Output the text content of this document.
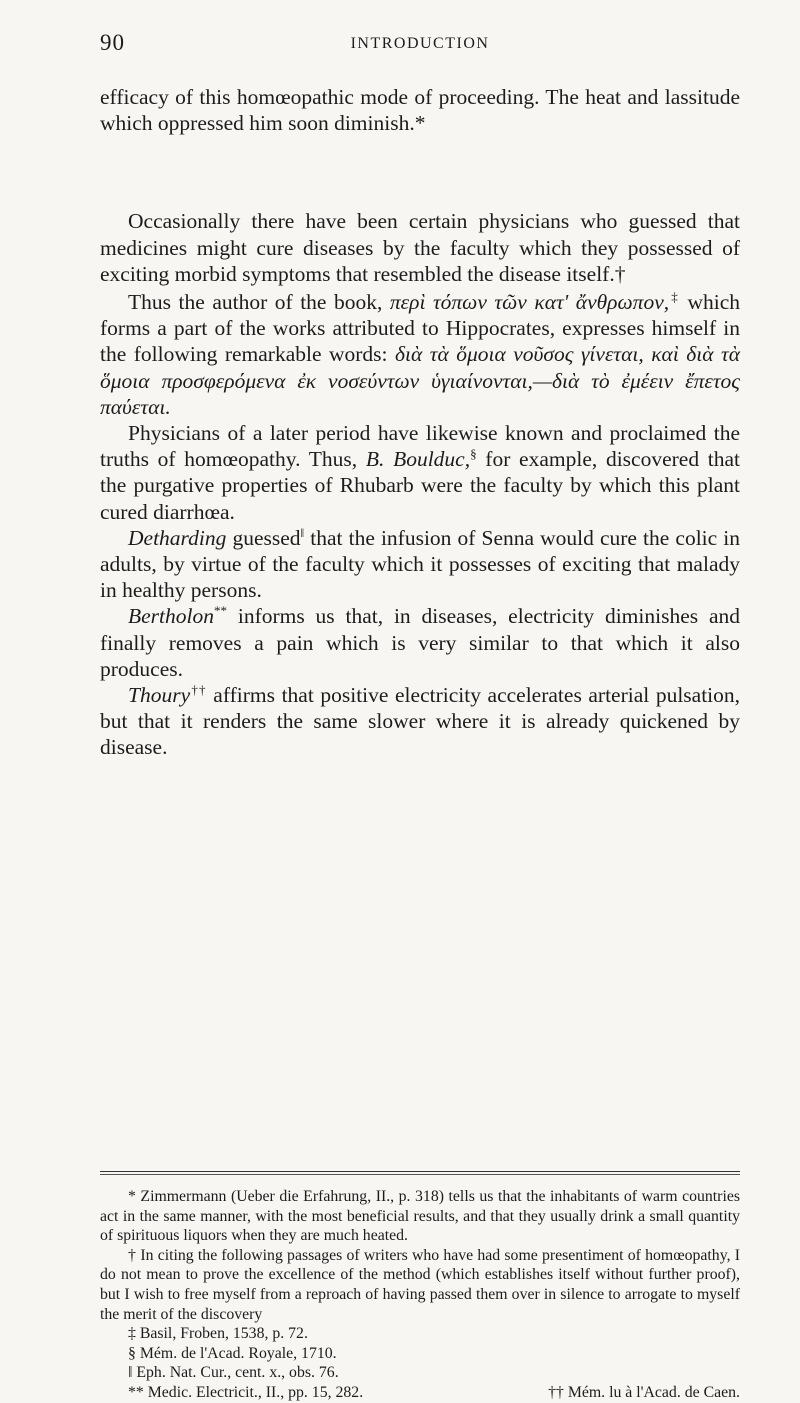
90	INTRODUCTION

efficacy of this homœopathic mode of proceeding. The heat and lassitude which oppressed him soon diminish.*

Occasionally there have been certain physicians who guessed that medicines might cure diseases by the faculty which they possessed of exciting morbid symptoms that resembled the disease itself.†

Thus the author of the book, περὶ τόπων τῶν κατ' ἄνθρωπον,‡ which forms a part of the works attributed to Hippocrates, expresses himself in the following remarkable words: διὰ τὰ ὅμοια νοῦσος γίνεται, καὶ διὰ τὰ ὅμοια προσφερόμενα ἐκ νοσεύντων ὑγιαίνονται,—διὰ τὸ ἐμέειν ἔπετος παύεται.

Physicians of a later period have likewise known and proclaimed the truths of homœopathy. Thus, B. Boulduc,§ for example, discovered that the purgative properties of Rhubarb were the faculty by which this plant cured diarrhœa.

Detharding guessed‖ that the infusion of Senna would cure the colic in adults, by virtue of the faculty which it possesses of exciting that malady in healthy persons.

Bertholon** informs us that, in diseases, electricity diminishes and finally removes a pain which is very similar to that which it also produces.

Thoury†† affirms that positive electricity accelerates arterial pulsation, but that it renders the same slower where it is already quickened by disease.

* Zimmermann (Ueber die Erfahrung, II., p. 318) tells us that the inhabitants of warm countries act in the same manner, with the most beneficial results, and that they usually drink a small quantity of spirituous liquors when they are much heated.

† In citing the following passages of writers who have had some presentiment of homœopathy, I do not mean to prove the excellence of the method (which establishes itself without further proof), but I wish to free myself from a reproach of having passed them over in silence to arrogate to myself the merit of the discovery

‡ Basil, Froben, 1538, p. 72.

§ Mém. de l'Acad. Royale, 1710.

‖ Eph. Nat. Cur., cent. x., obs. 76.

** Medic. Electricit., II., pp. 15, 282.	†† Mém. lu à l'Acad. de Caen.
